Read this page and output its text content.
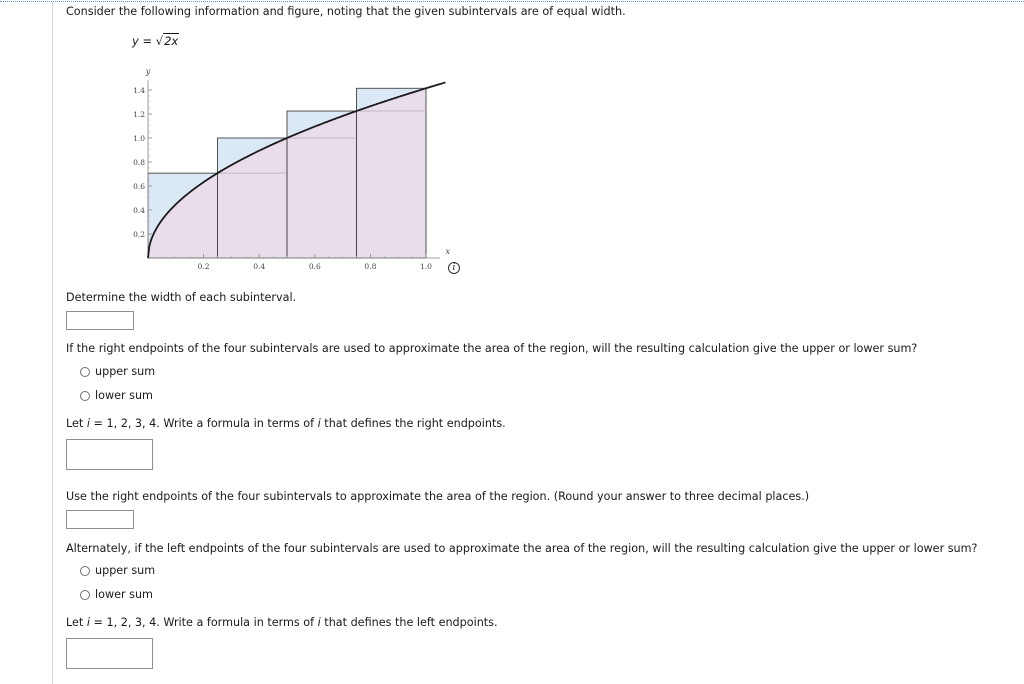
Consider the following information and figure, noting that the given subintervals are of equal width.
y = √2x
0.2	0.4	0.6	0.8	1.0
0.2
0.4
0.6
0.8
1.0
1.2
1.4
x
y
i
Determine the width of each subinterval.
If the right endpoints of the four subintervals are used to approximate the area of the region, will the resulting calculation give the upper or lower sum?
upper sum
lower sum
Let i = 1, 2, 3, 4. Write a formula in terms of i that defines the right endpoints.
Use the right endpoints of the four subintervals to approximate the area of the region. (Round your answer to three decimal places.)
Alternately, if the left endpoints of the four subintervals are used to approximate the area of the region, will the resulting calculation give the upper or lower sum?
upper sum
lower sum
Let i = 1, 2, 3, 4. Write a formula in terms of i that defines the left endpoints.
